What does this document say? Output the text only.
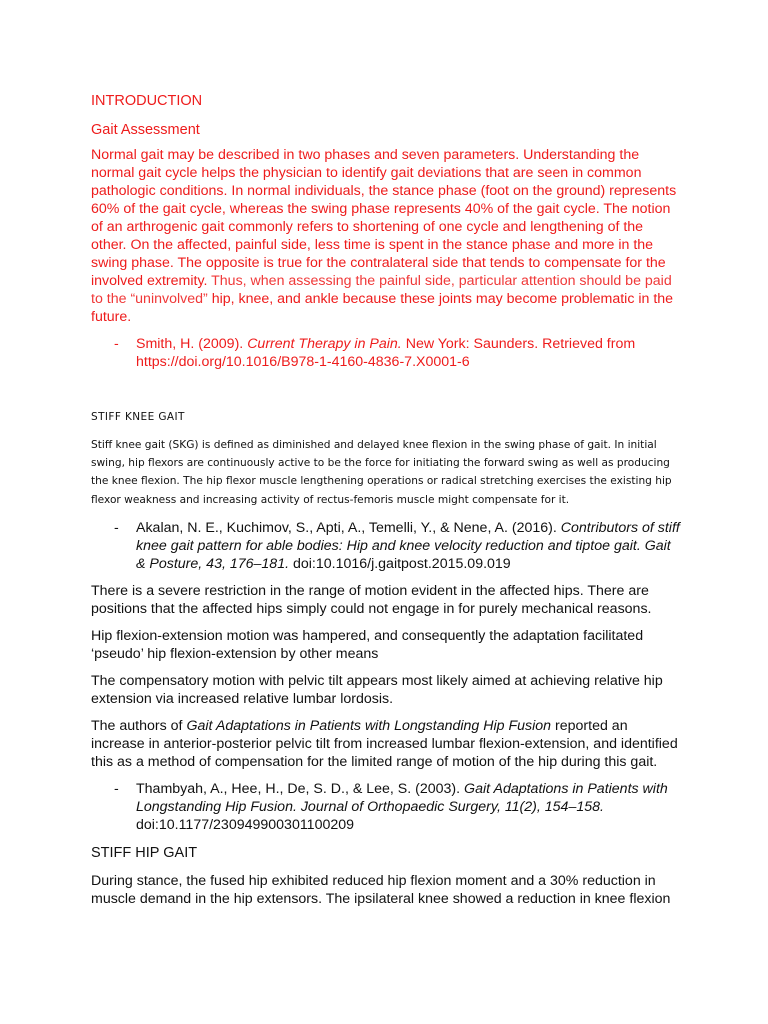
INTRODUCTION
Gait Assessment

Normal gait may be described in two phases and seven parameters. Understanding the normal gait cycle helps the physician to identify gait deviations that are seen in common pathologic conditions. In normal individuals, the stance phase (foot on the ground) represents 60% of the gait cycle, whereas the swing phase represents 40% of the gait cycle. The notion of an arthrogenic gait commonly refers to shortening of one cycle and lengthening of the other. On the affected, painful side, less time is spent in the stance phase and more in the swing phase. The opposite is true for the contralateral side that tends to compensate for the involved extremity. Thus, when assessing the painful side, particular attention should be paid to the “uninvolved” hip, knee, and ankle because these joints may become problematic in the future.

- Smith, H. (2009). Current Therapy in Pain. New York: Saunders. Retrieved from https://doi.org/10.1016/B978-1-4160-4836-7.X0001-6
STIFF KNEE GAIT

Stiff knee gait (SKG) is defined as diminished and delayed knee flexion in the swing phase of gait. In initial swing, hip flexors are continuously active to be the force for initiating the forward swing as well as producing the knee flexion. The hip flexor muscle lengthening operations or radical stretching exercises the existing hip flexor weakness and increasing activity of rectus-femoris muscle might compensate for it.

- Akalan, N. E., Kuchimov, S., Apti, A., Temelli, Y., & Nene, A. (2016). Contributors of stiff knee gait pattern for able bodies: Hip and knee velocity reduction and tiptoe gait. Gait & Posture, 43, 176–181. doi:10.1016/j.gaitpost.2015.09.019

There is a severe restriction in the range of motion evident in the affected hips. There are positions that the affected hips simply could not engage in for purely mechanical reasons.

Hip flexion-extension motion was hampered, and consequently the adaptation facilitated ‘pseudo’ hip flexion-extension by other means

The compensatory motion with pelvic tilt appears most likely aimed at achieving relative hip extension via increased relative lumbar lordosis.

The authors of Gait Adaptations in Patients with Longstanding Hip Fusion reported an increase in anterior-posterior pelvic tilt from increased lumbar flexion-extension, and identified this as a method of compensation for the limited range of motion of the hip during this gait.

- Thambyah, A., Hee, H., De, S. D., & Lee, S. (2003). Gait Adaptations in Patients with Longstanding Hip Fusion. Journal of Orthopaedic Surgery, 11(2), 154–158. doi:10.1177/230949900301100209
STIFF HIP GAIT

During stance, the fused hip exhibited reduced hip flexion moment and a 30% reduction in muscle demand in the hip extensors. The ipsilateral knee showed a reduction in knee flexion
